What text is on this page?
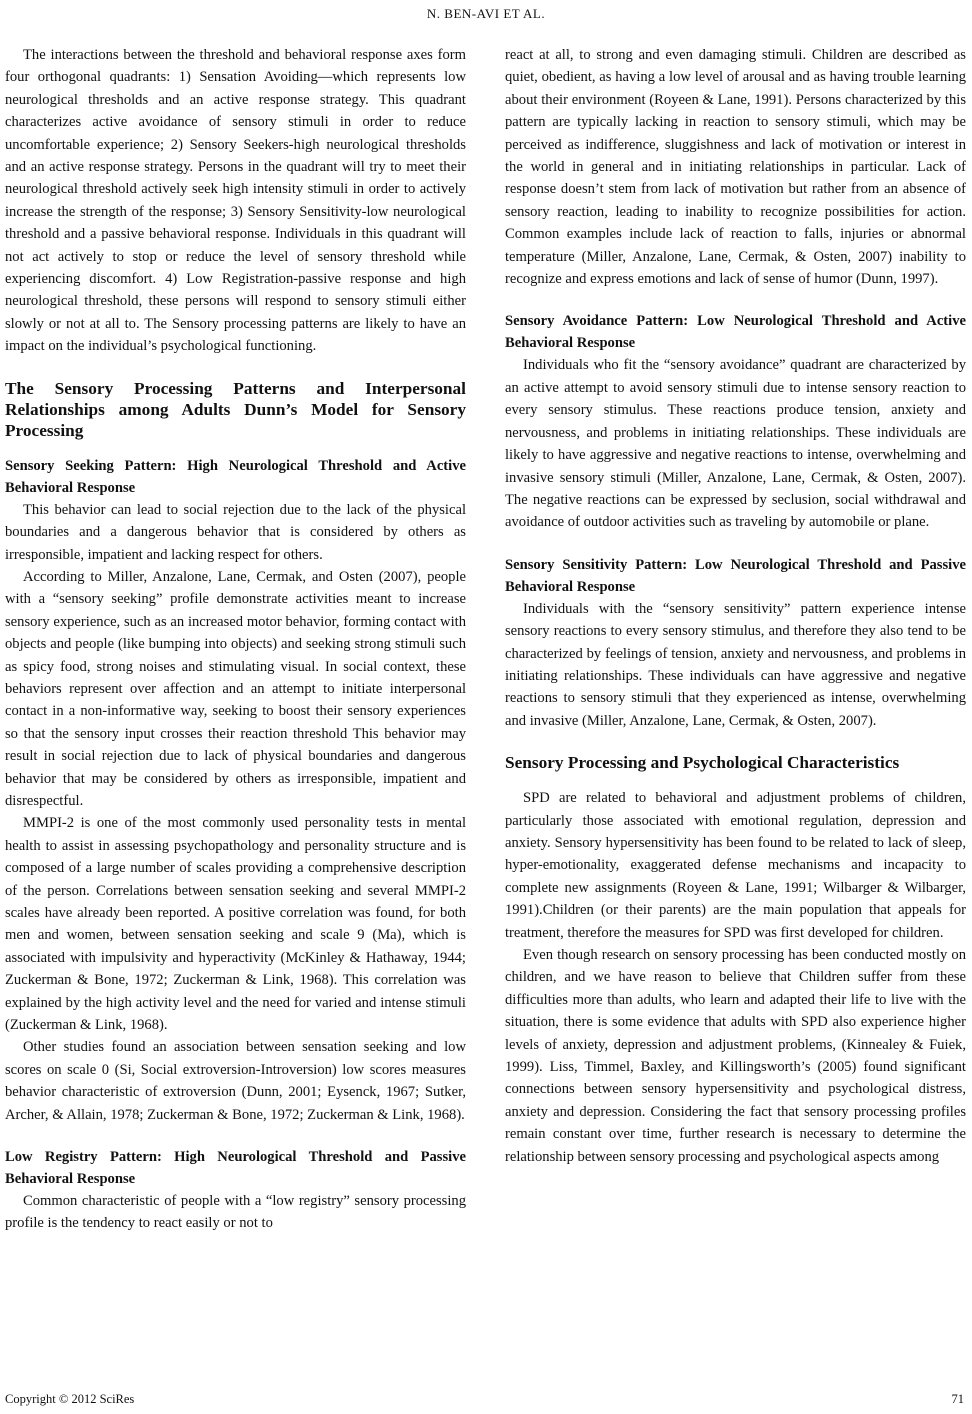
N. BEN-AVI ET AL.

The interactions between the threshold and behavioral response axes form four orthogonal quadrants: 1) Sensation Avoiding—which represents low neurological thresholds and an active response strategy. This quadrant characterizes active avoidance of sensory stimuli in order to reduce uncomfortable experience; 2) Sensory Seekers-high neurological thresholds and an active response strategy. Persons in the quadrant will try to meet their neurological threshold actively seek high intensity stimuli in order to actively increase the strength of the response; 3) Sensory Sensitivity-low neurological threshold and a passive behavioral response. Individuals in this quadrant will not act actively to stop or reduce the level of sensory threshold while experiencing discomfort. 4) Low Registration-passive response and high neurological threshold, these persons will respond to sensory stimuli either slowly or not at all to. The Sensory processing patterns are likely to have an impact on the individual’s psychological functioning.

The Sensory Processing Patterns and Interpersonal Relationships among Adults Dunn’s Model for Sensory Processing
Sensory Seeking Pattern: High Neurological Threshold and Active Behavioral Response

This behavior can lead to social rejection due to the lack of the physical boundaries and a dangerous behavior that is considered by others as irresponsible, impatient and lacking respect for others.

According to Miller, Anzalone, Lane, Cermak, and Osten (2007), people with a “sensory seeking” profile demonstrate activities meant to increase sensory experience, such as an increased motor behavior, forming contact with objects and people (like bumping into objects) and seeking strong stimuli such as spicy food, strong noises and stimulating visual. In social context, these behaviors represent over affection and an attempt to initiate interpersonal contact in a non-informative way, seeking to boost their sensory experiences so that the sensory input crosses their reaction threshold This behavior may result in social rejection due to lack of physical boundaries and dangerous behavior that may be considered by others as irresponsible, impatient and disrespectful.

MMPI-2 is one of the most commonly used personality tests in mental health to assist in assessing psychopathology and personality structure and is composed of a large number of scales providing a comprehensive description of the person. Correlations between sensation seeking and several MMPI-2 scales have already been reported. A positive correlation was found, for both men and women, between sensation seeking and scale 9 (Ma), which is associated with impulsivity and hyperactivity (McKinley & Hathaway, 1944; Zuckerman & Bone, 1972; Zuckerman & Link, 1968). This correlation was explained by the high activity level and the need for varied and intense stimuli (Zuckerman & Link, 1968).

Other studies found an association between sensation seeking and low scores on scale 0 (Si, Social extroversion-Introversion) low scores measures behavior characteristic of extroversion (Dunn, 2001; Eysenck, 1967; Sutker, Archer, & Allain, 1978; Zuckerman & Bone, 1972; Zuckerman & Link, 1968).

Low Registry Pattern: High Neurological Threshold and Passive Behavioral Response

Common characteristic of people with a “low registry” sensory processing profile is the tendency to react easily or not to

react at all, to strong and even damaging stimuli. Children are described as quiet, obedient, as having a low level of arousal and as having trouble learning about their environment (Royeen & Lane, 1991). Persons characterized by this pattern are typically lacking in reaction to sensory stimuli, which may be perceived as indifference, sluggishness and lack of motivation or interest in the world in general and in initiating relationships in particular. Lack of response doesn’t stem from lack of motivation but rather from an absence of sensory reaction, leading to inability to recognize possibilities for action. Common examples include lack of reaction to falls, injuries or abnormal temperature (Miller, Anzalone, Lane, Cermak, & Osten, 2007) inability to recognize and express emotions and lack of sense of humor (Dunn, 1997).

Sensory Avoidance Pattern: Low Neurological Threshold and Active Behavioral Response

Individuals who fit the “sensory avoidance” quadrant are characterized by an active attempt to avoid sensory stimuli due to intense sensory reaction to every sensory stimulus. These reactions produce tension, anxiety and nervousness, and problems in initiating relationships. These individuals are likely to have aggressive and negative reactions to intense, overwhelming and invasive sensory stimuli (Miller, Anzalone, Lane, Cermak, & Osten, 2007). The negative reactions can be expressed by seclusion, social withdrawal and avoidance of outdoor activities such as traveling by automobile or plane.

Sensory Sensitivity Pattern: Low Neurological Threshold and Passive Behavioral Response

Individuals with the “sensory sensitivity” pattern experience intense sensory reactions to every sensory stimulus, and therefore they also tend to be characterized by feelings of tension, anxiety and nervousness, and problems in initiating relationships. These individuals can have aggressive and negative reactions to sensory stimuli that they experienced as intense, overwhelming and invasive (Miller, Anzalone, Lane, Cermak, & Osten, 2007).

Sensory Processing and Psychological Characteristics

SPD are related to behavioral and adjustment problems of children, particularly those associated with emotional regulation, depression and anxiety. Sensory hypersensitivity has been found to be related to lack of sleep, hyper-emotionality, exaggerated defense mechanisms and incapacity to complete new assignments (Royeen & Lane, 1991; Wilbarger & Wilbarger, 1991).Children (or their parents) are the main population that appeals for treatment, therefore the measures for SPD was first developed for children.

Even though research on sensory processing has been conducted mostly on children, and we have reason to believe that Children suffer from these difficulties more than adults, who learn and adapted their life to live with the situation, there is some evidence that adults with SPD also experience higher levels of anxiety, depression and adjustment problems, (Kinnealey & Fuiek, 1999). Liss, Timmel, Baxley, and Killingsworth’s (2005) found significant connections between sensory hypersensitivity and psychological distress, anxiety and depression. Considering the fact that sensory processing profiles remain constant over time, further research is necessary to determine the relationship between sensory processing and psychological aspects among

Copyright © 2012 SciRes	71
